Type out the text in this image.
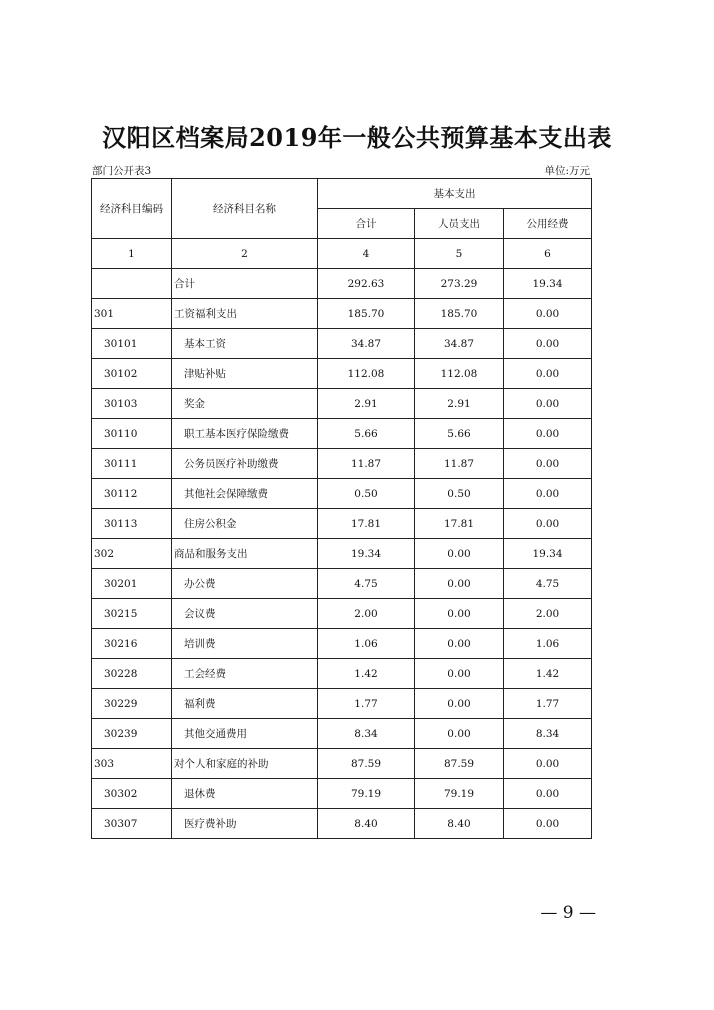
汉阳区档案局2019年一般公共预算基本支出表
部门公开表3	单位:万元
经济科目编码	经济科目名称	基本支出		
		合计	人员支出	公用经费
1	2	4	5	6
	合计	292.63	273.29	19.34
301	工资福利支出	185.70	185.70	0.00
30101	基本工资	34.87	34.87	0.00
30102	津贴补贴	112.08	112.08	0.00
30103	奖金	2.91	2.91	0.00
30110	职工基本医疗保险缴费	5.66	5.66	0.00
30111	公务员医疗补助缴费	11.87	11.87	0.00
30112	其他社会保障缴费	0.50	0.50	0.00
30113	住房公积金	17.81	17.81	0.00
302	商品和服务支出	19.34	0.00	19.34
30201	办公费	4.75	0.00	4.75
30215	会议费	2.00	0.00	2.00
30216	培训费	1.06	0.00	1.06
30228	工会经费	1.42	0.00	1.42
30229	福利费	1.77	0.00	1.77
30239	其他交通费用	8.34	0.00	8.34
303	对个人和家庭的补助	87.59	87.59	0.00
30302	退休费	79.19	79.19	0.00
30307	医疗费补助	8.40	8.40	0.00
— 9 —
